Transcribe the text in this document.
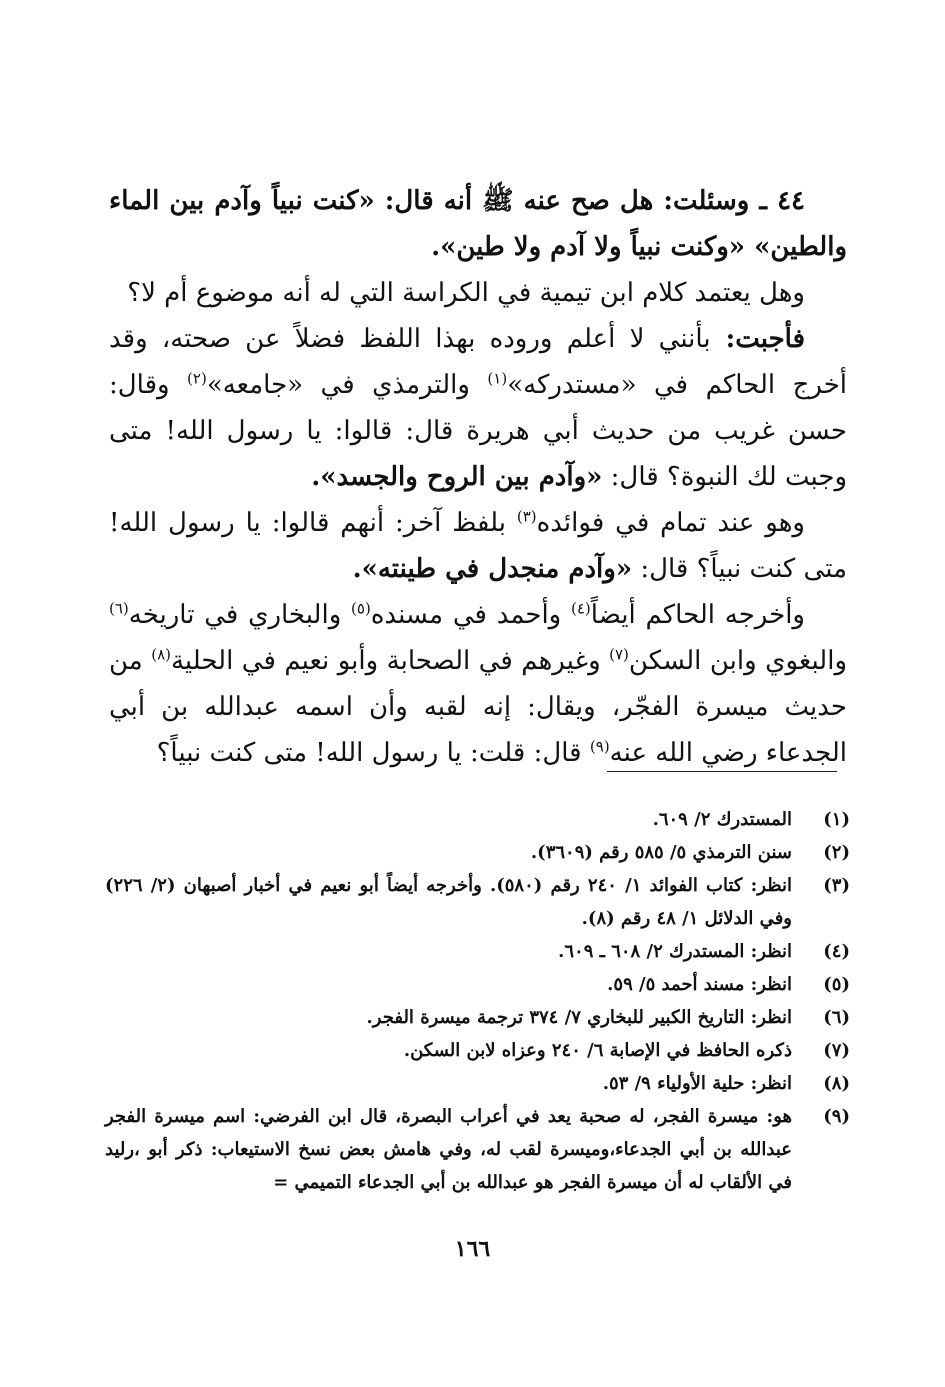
٤٤ ـ وسئلت: هل صح عنه ﷺ أنه قال: «كنت نبياً وآدم بين الماء والطين» «وكنت نبياً ولا آدم ولا طين».

وهل يعتمد كلام ابن تيمية في الكراسة التي له أنه موضوع أم لا؟

فأجبت: بأنني لا أعلم وروده بهذا اللفظ فضلاً عن صحته، وقد أخرج الحاكم في «مستدركه»$^{(١)}$ والترمذي في «جامعه»$^{(٢)}$ وقال: حسن غريب من حديث أبي هريرة قال: قالوا: يا رسول الله! متى وجبت لك النبوة؟ قال: «وآدم بين الروح والجسد».

وهو عند تمام في فوائده$^{(٣)}$ بلفظ آخر: أنهم قالوا: يا رسول الله! متى كنت نبياً؟ قال: «وآدم منجدل في طينته».

وأخرجه الحاكم أيضاً$^{(٤)}$ وأحمد في مسنده$^{(٥)}$ والبخاري في تاريخه$^{(٦)}$ والبغوي وابن السكن$^{(٧)}$ وغيرهم في الصحابة وأبو نعيم في الحلية$^{(٨)}$ من حديث ميسرة الفجّر، ويقال: إنه لقبه وأن اسمه عبدالله بن أبي الجدعاء رضي الله عنه$^{(٩)}$ قال: قلت: يا رسول الله! متى كنت نبياً؟

(١)
المستدرك ٢/ ٦٠٩.
(٢)
سنن الترمذي ٥/ ٥٨٥ رقم (٣٦٠٩).
(٣)
انظر: كتاب الفوائد ١/ ٢٤٠ رقم (٥٨٠). وأخرجه أيضاً أبو نعيم في أخبار أصبهان (٢/ ٢٢٦) وفي الدلائل ١/ ٤٨ رقم (٨).
(٤)
انظر: المستدرك ٢/ ٦٠٨ ـ ٦٠٩.
(٥)
انظر: مسند أحمد ٥/ ٥٩.
(٦)
انظر: التاريخ الكبير للبخاري ٧/ ٣٧٤ ترجمة ميسرة الفجر.
(٧)
ذكره الحافظ في الإصابة ٦/ ٢٤٠ وعزاه لابن السكن.
(٨)
انظر: حلية الأولياء ٩/ ٥٣.
(٩)
هو: ميسرة الفجر، له صحبة يعد في أعراب البصرة، قال ابن الفرضي: اسم ميسرة الفجر عبدالله بن أبي الجدعاء،وميسرة لقب له، وفي هامش بعض نسخ الاستيعاب: ذكر أبو ،رليد في الألقاب له أن ميسرة الفجر هو عبدالله بن أبي الجدعاء التميمي =
١٦٦
